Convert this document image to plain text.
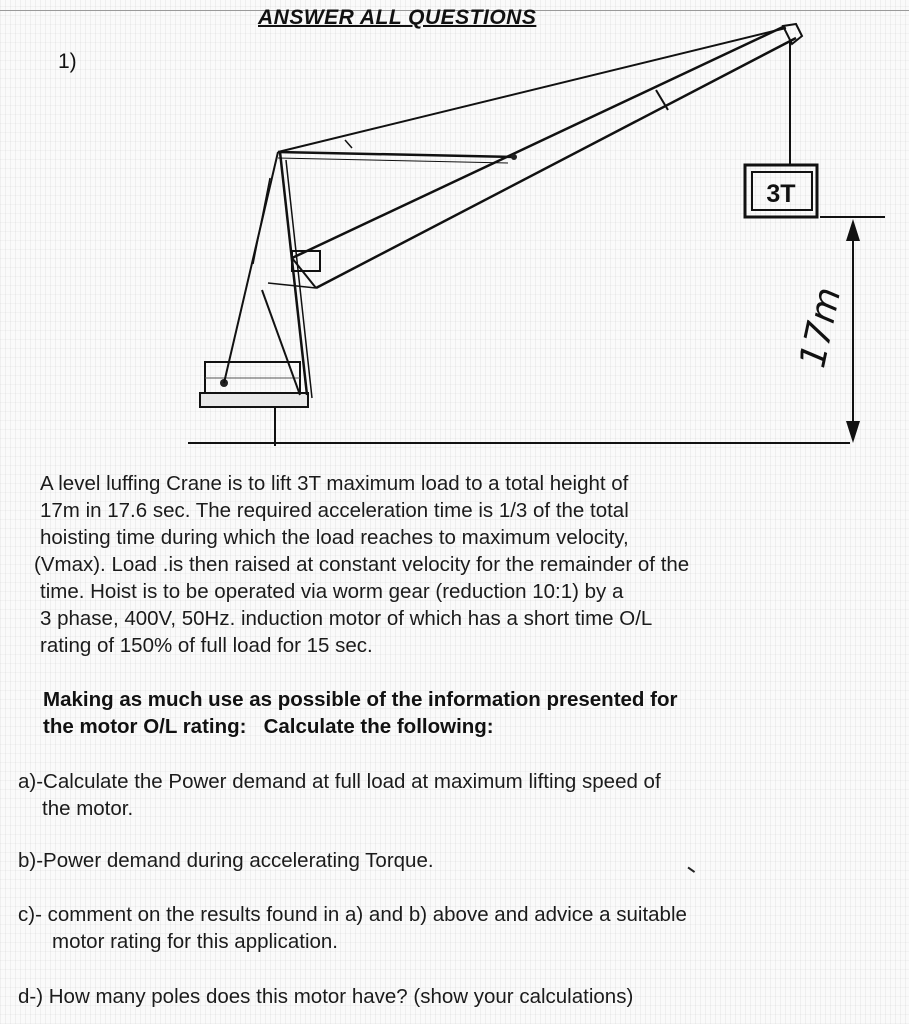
ANSWER ALL QUESTIONS
1)
3T
17m
A level luffing Crane is to lift 3T maximum load to a total height of
17m in 17.6 sec. The required acceleration time is 1/3 of the total
hoisting time during which the load reaches to maximum velocity,
(Vmax). Load .is then raised at constant velocity for the remainder of the
time. Hoist is to be operated via worm gear (reduction 10:1) by a
3 phase, 400V, 50Hz. induction motor of which has a short time O/L
rating of 150% of full load for 15 sec.
Making as much use as possible of the information presented for
the motor O/L rating:   Calculate the following:
a)-Calculate the Power demand at full load at maximum lifting speed of
the motor.
b)-Power demand during accelerating Torque.
c)- comment on the results found in a) and b) above and advice a suitable
motor rating for this application.
d-) How many poles does this motor have? (show your calculations)
